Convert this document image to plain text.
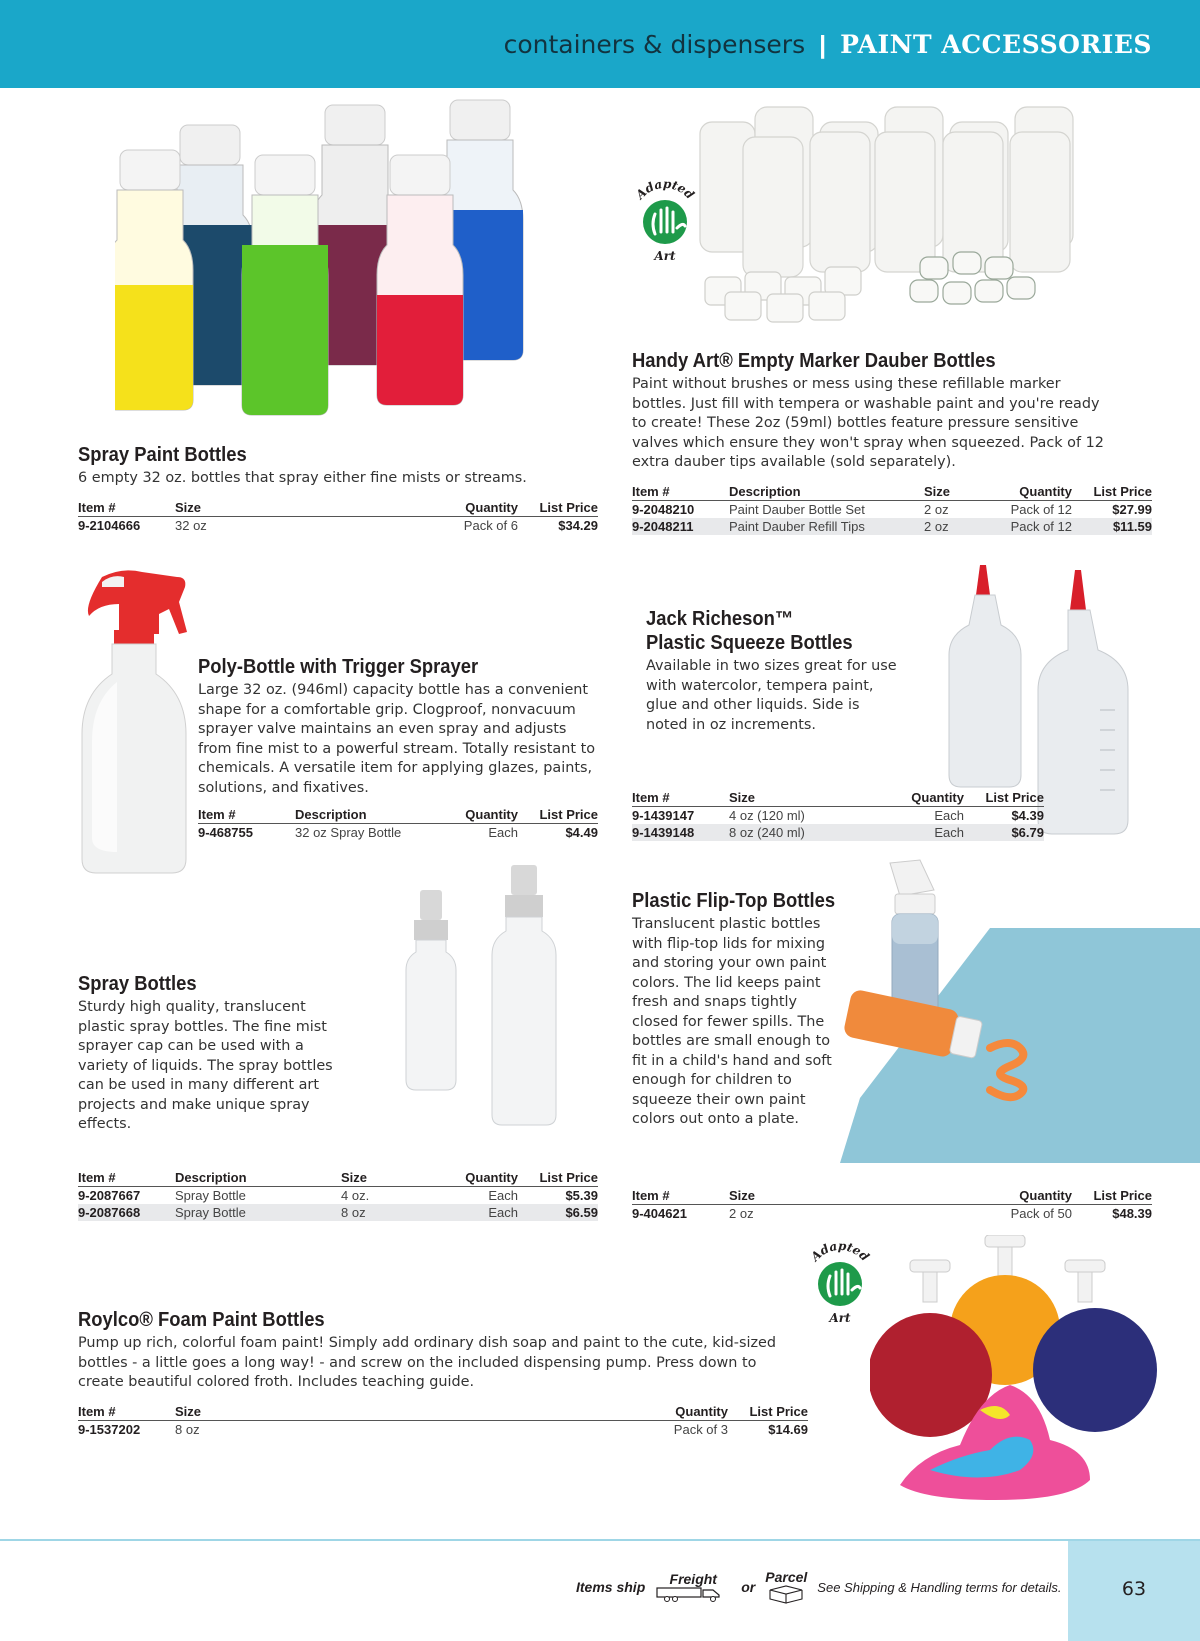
containers & dispensers | PAINT ACCESSORIES
Spray Paint Bottles
6 empty 32 oz. bottles that spray either fine mists or streams.
Item #	Size	Quantity	List Price
9-2104666	32 oz	Pack of 6	$34.29
Adapted
Art
Handy Art® Empty Marker Dauber Bottles
Paint without brushes or mess using these refillable marker bottles. Just fill with tempera or washable paint and you're ready to create! These 2oz (59ml) bottles feature pressure sensitive valves which ensure they won't spray when squeezed. Pack of 12 extra dauber tips available (sold separately).
Item #	Description	Size	Quantity	List Price
9-2048210	Paint Dauber Bottle Set	2 oz	Pack of 12	$27.99
9-2048211	Paint Dauber Refill Tips	2 oz	Pack of 12	$11.59
Poly-Bottle with Trigger Sprayer
Large 32 oz. (946ml) capacity bottle has a convenient shape for a comfortable grip. Clogproof, nonvacuum sprayer valve maintains an even spray and adjusts from fine mist to a powerful stream. Totally resistant to chemicals. A versatile item for applying glazes, paints, solutions, and fixatives.
Item #	Description	Quantity	List Price
9-468755	32 oz Spray Bottle	Each	$4.49
Jack Richeson™
Plastic Squeeze Bottles
Available in two sizes great for use with watercolor, tempera paint, glue and other liquids. Side is noted in oz increments.
Item #	Size	Quantity	List Price
9-1439147	4 oz (120 ml)	Each	$4.39
9-1439148	8 oz (240 ml)	Each	$6.79
Spray Bottles
Sturdy high quality, translucent plastic spray bottles. The fine mist sprayer cap can be used with a variety of liquids. The spray bottles can be used in many different art projects and make unique spray effects.
Item #	Description	Size	Quantity	List Price
9-2087667	Spray Bottle	4 oz.	Each	$5.39
9-2087668	Spray Bottle	8 oz	Each	$6.59
Plastic Flip-Top Bottles
Translucent plastic bottles with flip-top lids for mixing and storing your own paint colors. The lid keeps paint fresh and snaps tightly closed for fewer spills. The bottles are small enough to fit in a child's hand and soft enough for children to squeeze their own paint colors out onto a plate.
Item #	Size	Quantity	List Price
9-404621	2 oz	Pack of 50	$48.39
Adapted
Art
Roylco® Foam Paint Bottles
Pump up rich, colorful foam paint! Simply add ordinary dish soap and paint to the cute, kid-sized bottles - a little goes a long way! - and screw on the included dispensing pump. Press down to create beautiful colored froth. Includes teaching guide.
Item #	Size	Quantity	List Price
9-1537202	8 oz	Pack of 3	$14.69
63
Items ship Freight or
Parcel
See Shipping & Handling terms for details.
